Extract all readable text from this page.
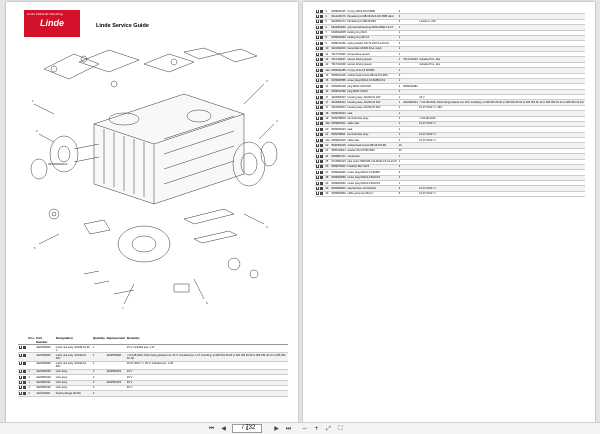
Linde Material Handling
Linde	Linde Service Guide
1
2
3
4
5
6
7
8
4472000100 A
	Pos.	Part Number	Designation	Quantity	Replacement	Remarks
		4222050931	motor unit assy. AK230-01 26 V	1		24 V; included pos. 1-27
		4222050931	motor unit assy. AK230-01 46V	1	4222050928	<=31.08.2010; Parts being phased out; 46 V; included pos. 1-27 including; to 000 064 25.00 (x 000 064 25 00 to 005 352 32 10 to 005 352 32 12)
		4222050935	motor unit assy. AK230-01 46V	1		01.07.2010 >=; 46 V; included pos. 1-28
	1	4222501503	rotor assy.	2	4222501623	24 V
	1	4222501623	rotor assy.	2		24 V
	1	4222501511	rotor assy.	2	4222501623	46 V
	1	4222501622	rotor assy.	2		46 V
	2	4222011601	bearing flange AK230	2		
	3	0009631207	O-ring 115x3,00-FKM80	2		
	4	9112226176	threaded pin M8x15-D24 A00 PRB Hard	3		
	5	9124501174	threaded pin M8x15-85H	3		Loctite nr. 243
	6	0922000066	grooved ball bearing 6206-2RSR-C3-FT	1		
	7	0446622035	locking ring 62x3	1		
	8	0009922332	locking ring 30x1,5	1		
	9	0009071060	spring washer 62x71,2X0,5-A-DU31	2		
	10	4222462216	transmitter AK230 drive motor	1		
	11	7917474323	temperature sensor	1		
	12	7917410027	sensor driving speed	1	7917410100	includes Pos. 12a
	12	7917410100	sensor driving speed	1		includes Pos. 12a
	12a	0009631085	O-ring 11,0x1,5-FKM80	1		
	13	0009154100	socket head screw M5x12-8.8-ZNS	2		
	15	0009609585	screw plug M16x1,5-FKM80-FF2	1		
	16	0009051009	plug M20x1,5x8 5x8	2	0009519182	
	16	0009519182	plug M20x1,5x8 0	2		
	17	4222006413	housing assy. AK230-01 24V	1		24 V
	17	4222006412	housing assy. AK230-01 46V	1	4222006414	<=31.08.2010; Parts being phased out; 46V; including; to 000 064 25.00 (x 000 064 25 00 to 005 352 32 10 to 005 352 32 12 to 005 064 31 10)
	17	4222006414	housing assy. AK230-01 46V	1		01.07.2010 >=; 46V
	18	0009016313	seal	1		
	19	0009798616	terminal strip assy.	1		<=31.08.2010
	19a	0009964311	cable inlet	1		01.07.2010 >=
	20	0009815224	seal	1		
	21	0009798611	terminal strip assy.	1		01.07.2010 >=
	21a	0009964315	cable inlet	1		01.07.2010 >=
	22	9040301026	socket head screw M5x16-8.8-ZN	10		
	23	9050010014	washer A5,3-ST50-ZNS	10		
	24	0009801371	membrane	1		
	25	0714651023	pipe union SW0105-L12-M16x1,5-Cu-Z-CF	1		
	26	0009670501	breather filter 5x15	2		
	27	0009626020	screw plug M16x1,5-FKM80	2		
	28	0009609256	screw plug M16x1-FKM-FF2	1		
	29	0009609331	screw plug M16x1-FKM-FF2	1		
	29	0009668322	special hose 10,2x30x16	2		01.07.2010 >=
	30	0009669360	cable grommet 20mm²	6		01.07.2010 >=
⏮	◀
1	/ 732	▶	⏭	−	+	⤢	⛶
